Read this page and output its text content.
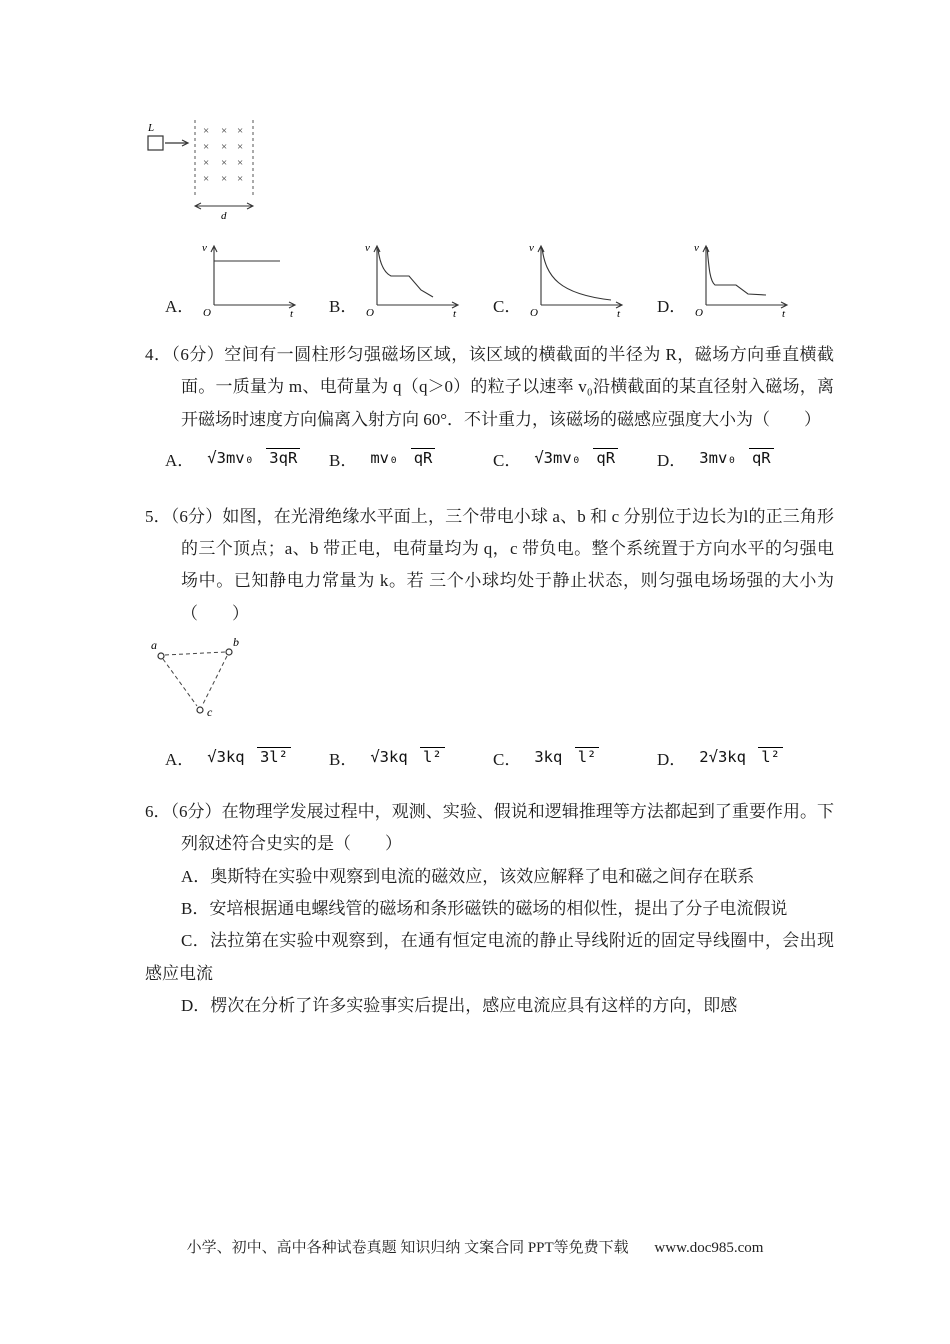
L	× × ×
× × ×
× × ×
× × ×
d
A．
v
t
O	B．
v
t
O	C．
v
t
O	D．
v
t
O

4．（6分）空间有一圆柱形匀强磁场区域，该区域的横截面的半径为 R，磁场方向垂直横截面。一质量为 m、电荷量为 q（q＞0）的粒子以速率 v₀沿横截面的某直径射入磁场，离开磁场时速度方向偏离入射方向 60°．不计重力，该磁场的磁感应强度大小为（　　）

A． √3mv₀ 3qR B． mv₀ qR	C． √3mv₀ qR D． 3mv₀ qR

5．（6分）如图，在光滑绝缘水平面上，三个带电小球 a、b 和 c 分别位于边长为l的正三角形的三个顶点；a、b 带正电，电荷量均为 q，c 带负电。整个系统置于方向水平的匀强电场中。已知静电力常量为 k。若 三个小球均处于静止状态，则匀强电场场强的大小为（　　）

a	b
c
A． √3kq 3l² B． √3kq l²	C． 3kq l²	D． 2√3kq l²

6．（6分）在物理学发展过程中，观测、实验、假说和逻辑推理等方法都起到了重要作用。下列叙述符合史实的是（　　）

A．奥斯特在实验中观察到电流的磁效应，该效应解释了电和磁之间存在联系

B．安培根据通电螺线管的磁场和条形磁铁的磁场的相似性，提出了分子电流假说

C．法拉第在实验中观察到，在通有恒定电流的静止导线附近的固定导线圈中，会出现感应电流

D．楞次在分析了许多实验事实后提出，感应电流应具有这样的方向，即感

小学、初中、高中各种试卷真题 知识归纳 文案合同 PPT等免费下载 www.doc985.com
